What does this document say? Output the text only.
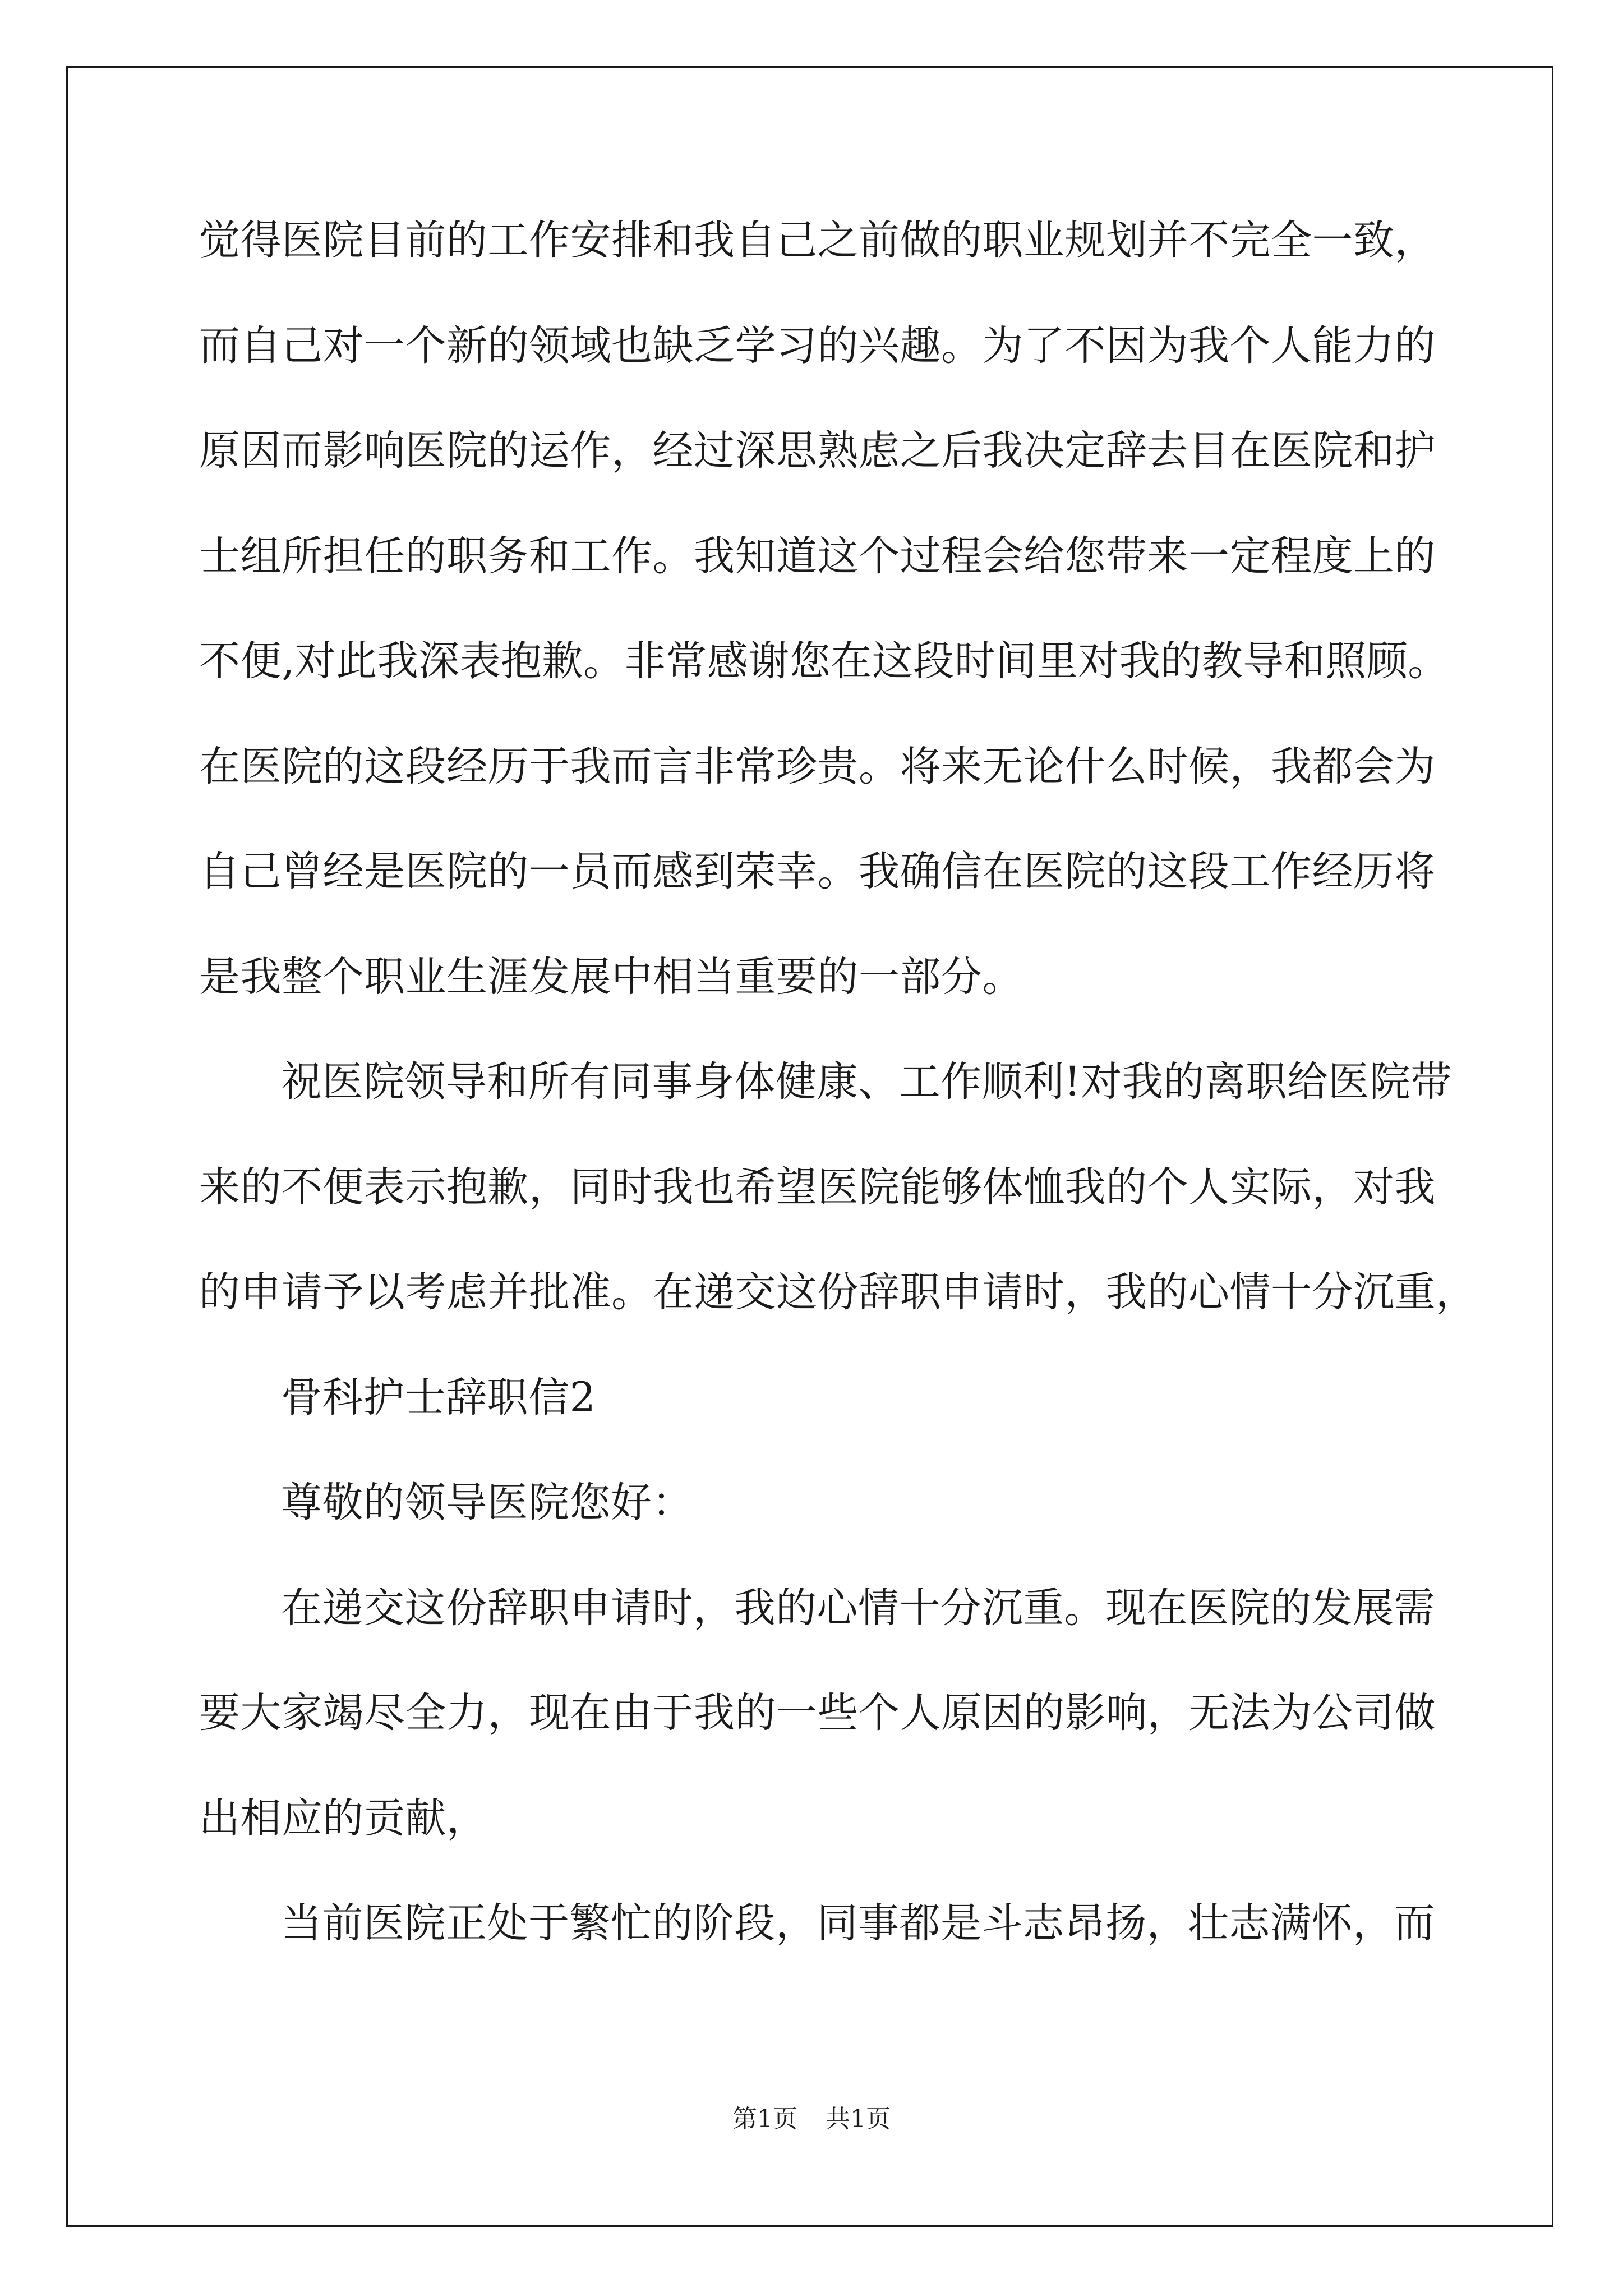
觉得医院目前的工作安排和我自己之前做的职业规划并不完全一致，
而自己对一个新的领域也缺乏学习的兴趣。为了不因为我个人能力的
原因而影响医院的运作，经过深思熟虑之后我决定辞去目在医院和护
士组所担任的职务和工作。我知道这个过程会给您带来一定程度上的
不便,对此我深表抱歉。非常感谢您在这段时间里对我的教导和照顾。
在医院的这段经历于我而言非常珍贵。将来无论什么时候，我都会为
自己曾经是医院的一员而感到荣幸。我确信在医院的这段工作经历将
是我整个职业生涯发展中相当重要的一部分。
祝医院领导和所有同事身体健康、工作顺利!对我的离职给医院带
来的不便表示抱歉，同时我也希望医院能够体恤我的个人实际，对我
的申请予以考虑并批准。在递交这份辞职申请时，我的心情十分沉重，
骨科护士辞职信2
尊敬的领导医院您好：
在递交这份辞职申请时，我的心情十分沉重。现在医院的发展需
要大家竭尽全力，现在由于我的一些个人原因的影响，无法为公司做
出相应的贡献，
当前医院正处于繁忙的阶段，同事都是斗志昂扬，壮志满怀，而
第1页 共1页
